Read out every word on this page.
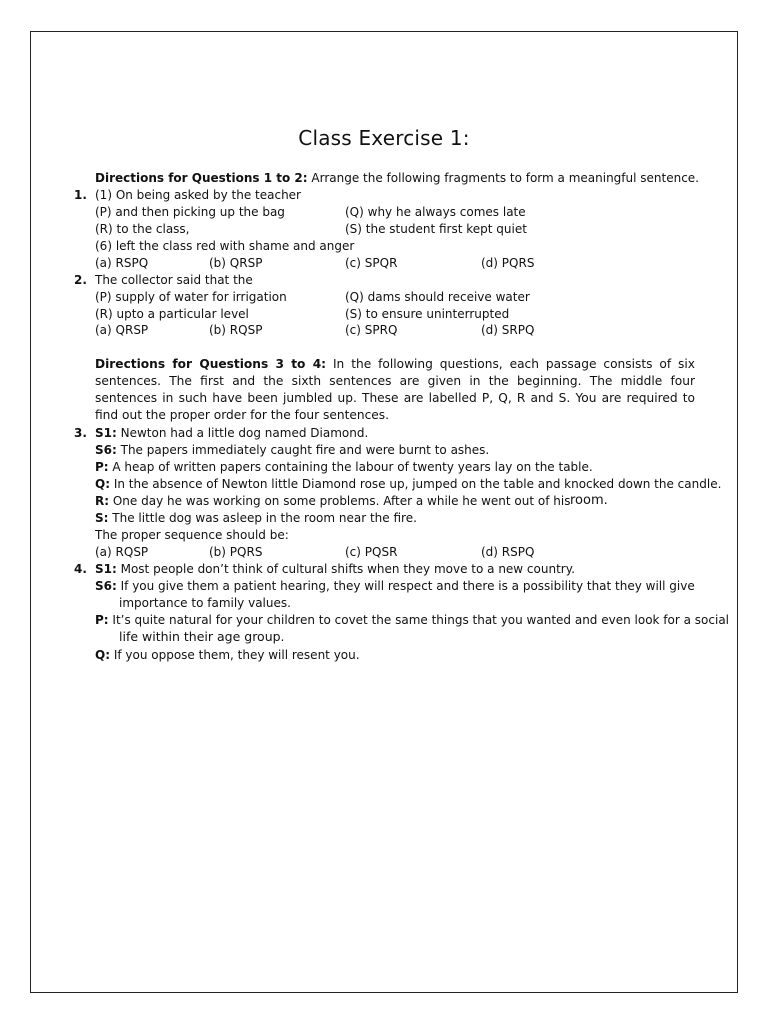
Class Exercise 1:
Directions for Questions 1 to 2: Arrange the following fragments to form a meaningful sentence.
1. (1) On being asked by the teacher
(P) and then picking up the bag	(Q) why he always comes late
(R) to the class,	(S) the student first kept quiet
(6) left the class red with shame and anger
(a) RSPQ	(b) QRSP	(c) SPQR	(d) PQRS
2. The collector said that the
(P) supply of water for irrigation	(Q) dams should receive water
(R) upto a particular level	(S) to ensure uninterrupted
(a) QRSP	(b) RQSP	(c) SPRQ	(d) SRPQ
Directions for Questions 3 to 4: In the following questions, each passage consists of six sentences. The first and the sixth sentences are given in the beginning. The middle four sentences in such have been jumbled up. These are labelled P, Q, R and S. You are required to find out the proper order for the four sentences.
3. S1: Newton had a little dog named Diamond.
S6: The papers immediately caught fire and were burnt to ashes.
P: A heap of written papers containing the labour of twenty years lay on the table.
Q: In the absence of Newton little Diamond rose up, jumped on the table and knocked down the candle.
R: One day he was working on some problems. After a while he went out of his room.
S: The little dog was asleep in the room near the fire.
The proper sequence should be:
(a) RQSP	(b) PQRS	(c) PQSR	(d) RSPQ
4. S1: Most people don’t think of cultural shifts when they move to a new country.
S6: If you give them a patient hearing, they will respect and there is a possibility that they will give
importance to family values.
P: It’s quite natural for your children to covet the same things that you wanted and even look for a social
life within their age group.
Q: If you oppose them, they will resent you.
